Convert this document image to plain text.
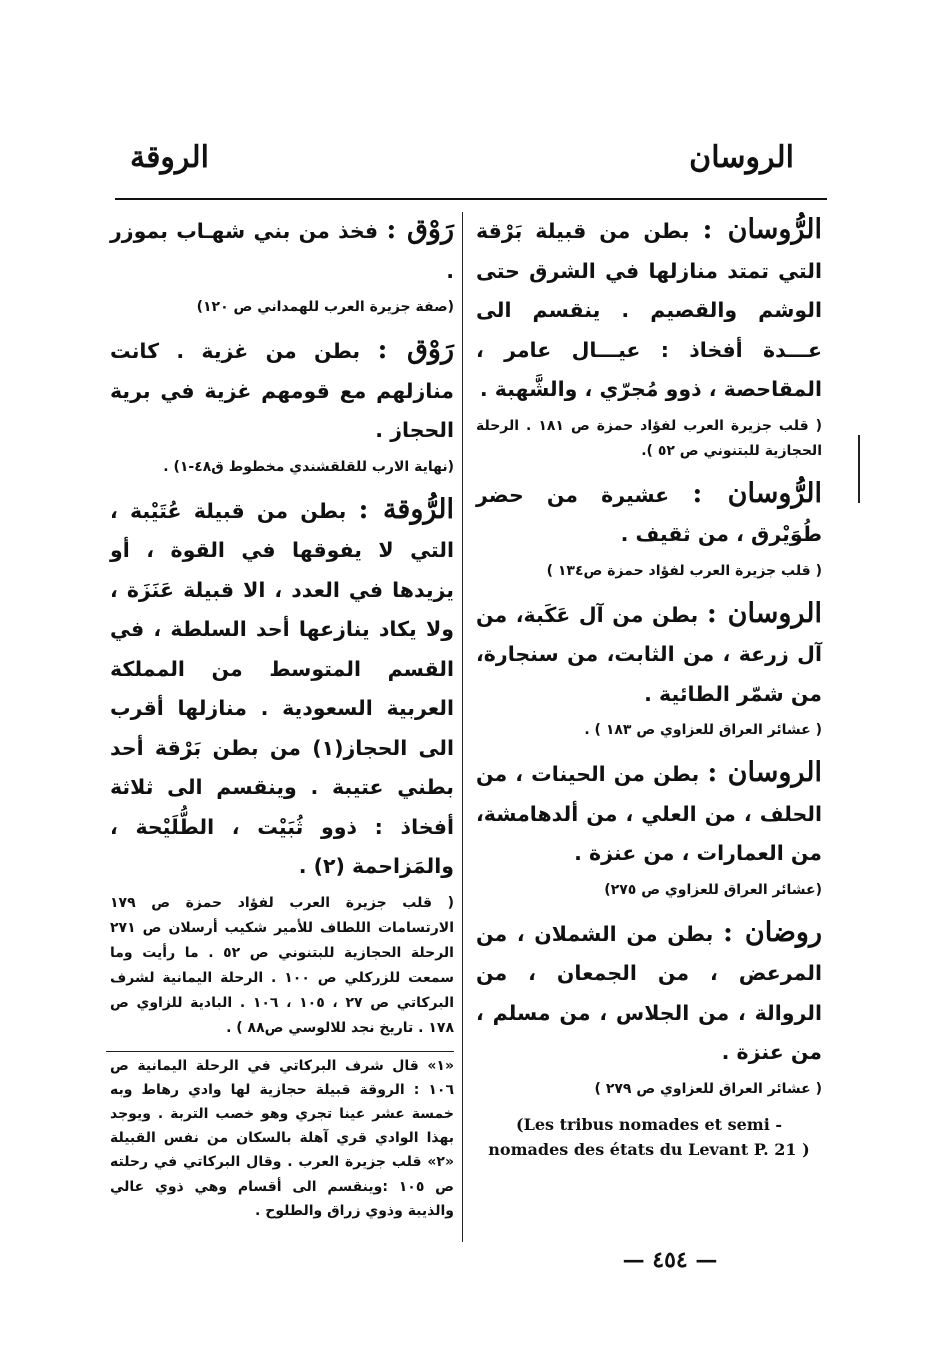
الروسان
الروقة

الرُّوسان : بطن من قبيلة بَرْقة التي تمتد منازلها في الشرق حتى الوشم والقصيم . ينقسم الى عـــدة أفخاذ : عيـــال عامر ، المقاحصة ، ذوو مُجرّي ، والشَّهبة .

( قلب جزيرة العرب لفؤاد حمزة ص ١٨١ . الرحلة الحجازية للبتنوني ص ٥٢ ).

الرُّوسان : عشيرة من حضر طُوَيْرق ، من ثقيف .

( قلب جزيرة العرب لفؤاد حمزة ص١٣٤ )

الروسان : بطن من آل عَكَبة، من آل زرعة ، من الثابت، من سنجارة، من شمّر الطائية .

( عشائر العراق للعزاوي ص ١٨٣ ) .

الروسان : بطن من الحينات ، من الحلف ، من العلي ، من ألدهامشة، من العمارات ، من عنزة .

(عشائر العراق للعزاوي ص ٢٧٥)

روضان : بطن من الشملان ، من المرعض ، من الجمعان ، من الروالة ، من الجلاس ، من مسلم ، من عنزة .

( عشائر العراق للعزاوي ص ٢٧٩ )

(Les tribus nomades et semi - nomades des états du Levant P. 21 )

رَوْق : فخذ من بني شهـاب بموزر .

(صفة جزيرة العرب للهمداني ص ١٢٠)

رَوْق : بطن من غزية . كانت منازلهم مع قومهم غزية في برية الحجاز .

(نهاية الارب للقلقشندي مخطوط ق٤٨-١) .

الرُّوقة : بطن من قبيلة عُتَيْبة ، التي لا يفوقها في القوة ، أو يزيدها في العدد ، الا قبيلة عَنَزَة ، ولا يكاد ينازعها أحد السلطة ، في القسم المتوسط من المملكة العربية السعودية . منازلها أقرب الى الحجاز(١) من بطن بَرْقة أحد بطني عتيبة . وينقسم الى ثلاثة أفخاذ : ذوو ثُبَيْت ، الطُّلَيْحة ، والمَزاحمة (٢) .

( قلب جزيرة العرب لفؤاد حمزة ص ١٧٩ الارتسامات اللطاف للأمير شكيب أرسلان ص ٢٧١ الرحلة الحجازية للبتنوني ص ٥٢ . ما رأيت وما سمعت للزركلي ص ١٠٠ . الرحلة اليمانية لشرف البركاتي ص ٢٧ ، ١٠٥ ، ١٠٦ . البادية للزاوي ص ١٧٨ . تاريخ نجد للالوسي ص٨٨ ) .

«١» قال شرف البركاتي في الرحلة اليمانية ص ١٠٦ : الروقة قبيلة حجازية لها وادي رهاط وبه خمسة عشر عينا تجري وهو خصب التربة . ويوجد بهذا الوادي قري آهلة بالسكان من نفس القبيلة «٢» قلب جزيرة العرب . وقال البركاتي في رحلته ص ١٠٥ :وينقسم الى أقسام وهي ذوي عالي والذيبة وذوي زراق والطلوح .

— ٤٥٤ —
